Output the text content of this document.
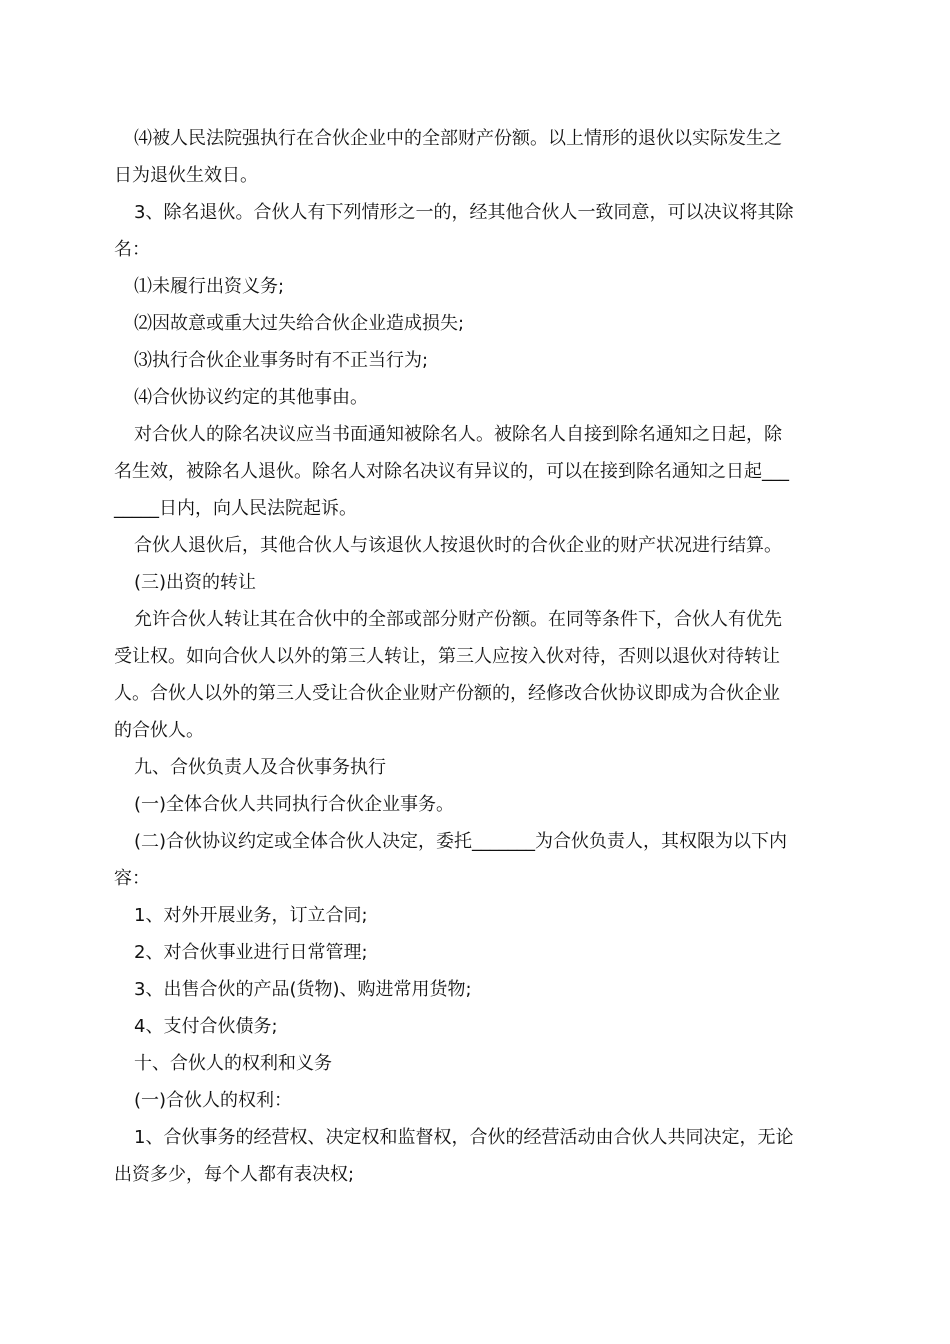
⑷被人民法院强执行在合伙企业中的全部财产份额。以上情形的退伙以实际发生之
日为退伙生效日。
3、除名退伙。合伙人有下列情形之一的，经其他合伙人一致同意，可以决议将其除
名：
⑴未履行出资义务;
⑵因故意或重大过失给合伙企业造成损失;
⑶执行合伙企业事务时有不正当行为;
⑷合伙协议约定的其他事由。
对合伙人的除名决议应当书面通知被除名人。被除名人自接到除名通知之日起，除
名生效，被除名人退伙。除名人对除名决议有异议的，可以在接到除名通知之日起___
_____日内，向人民法院起诉。
合伙人退伙后，其他合伙人与该退伙人按退伙时的合伙企业的财产状况进行结算。
(三)出资的转让
允许合伙人转让其在合伙中的全部或部分财产份额。在同等条件下，合伙人有优先
受让权。如向合伙人以外的第三人转让，第三人应按入伙对待，否则以退伙对待转让
人。合伙人以外的第三人受让合伙企业财产份额的，经修改合伙协议即成为合伙企业
的合伙人。
九、合伙负责人及合伙事务执行
(一)全体合伙人共同执行合伙企业事务。
(二)合伙协议约定或全体合伙人决定，委托_______为合伙负责人，其权限为以下内
容：
1、对外开展业务，订立合同;
2、对合伙事业进行日常管理;
3、出售合伙的产品(货物)、购进常用货物;
4、支付合伙债务;
十、合伙人的权利和义务
(一)合伙人的权利：
1、合伙事务的经营权、决定权和监督权，合伙的经营活动由合伙人共同决定，无论
出资多少，每个人都有表决权;
